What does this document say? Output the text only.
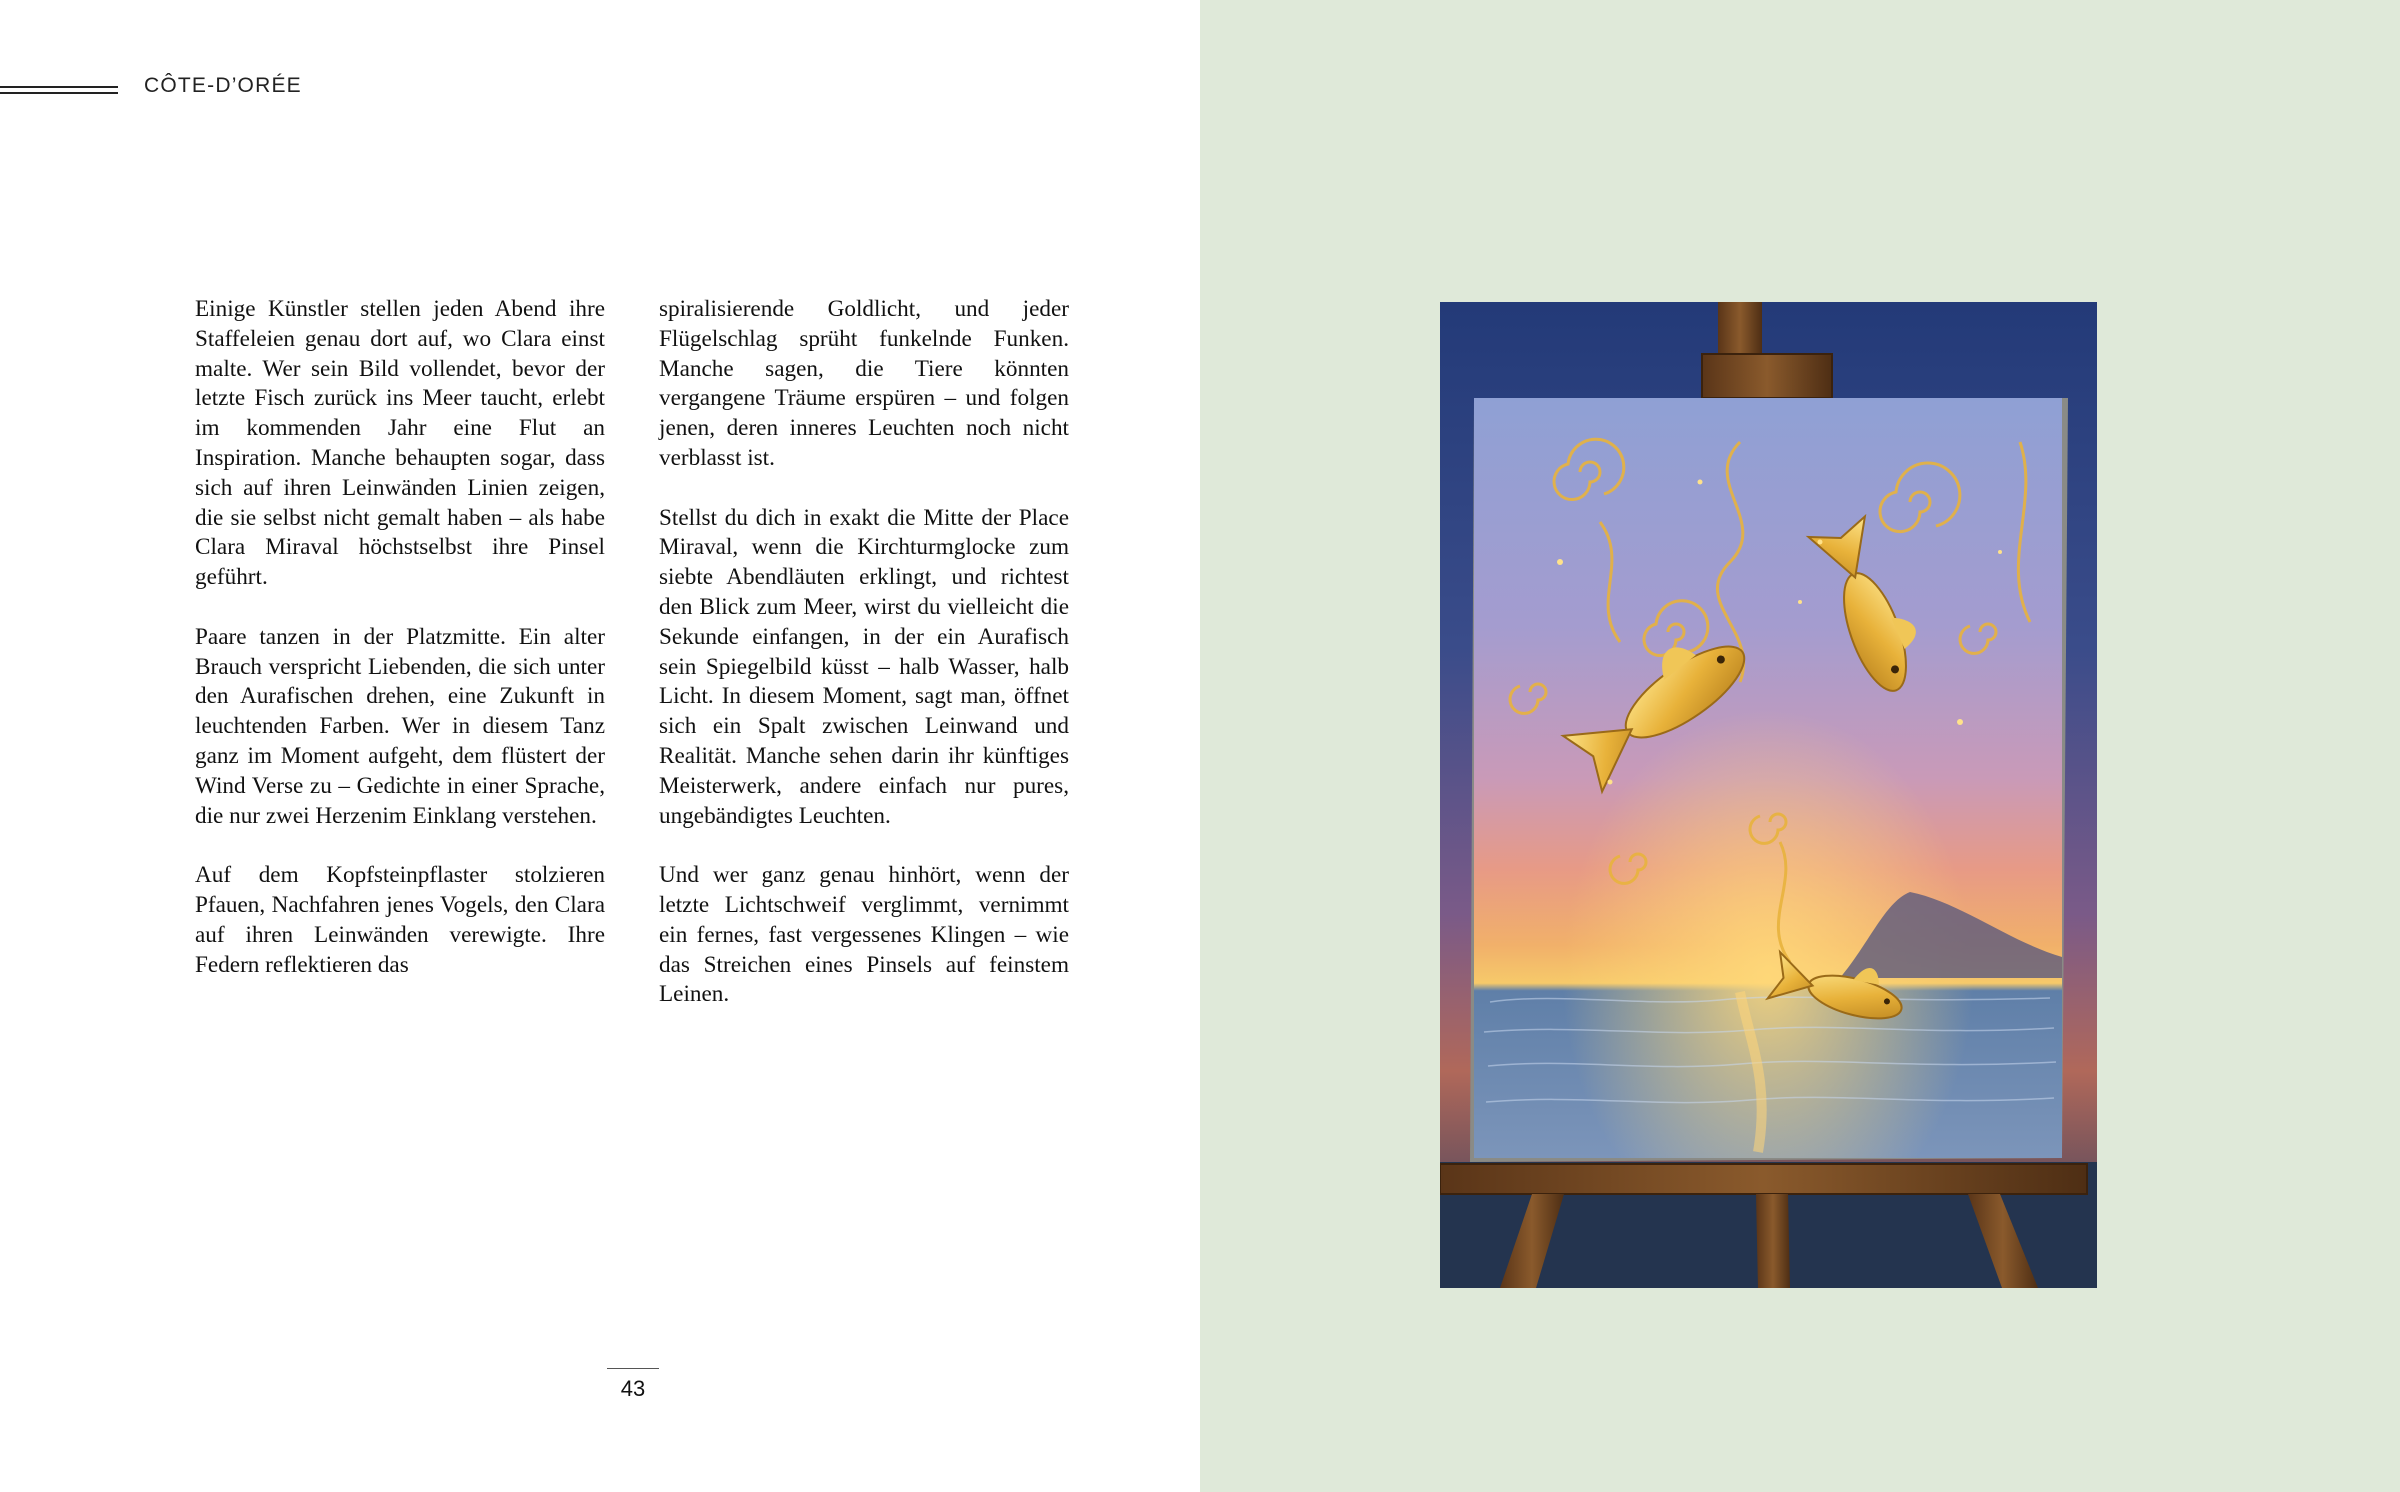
CÔTE-D’ORÉE

Einige Künstler stellen jeden Abend ihre Staffeleien genau dort auf, wo Clara einst malte. Wer sein Bild vollendet, bevor der letzte Fisch zurück ins Meer taucht, erlebt im kommenden Jahr eine Flut an Inspiration. Manche behaupten sogar, dass sich auf ihren Leinwänden Linien zeigen, die sie selbst nicht gemalt haben – als habe Clara Miraval höchstselbst ihre Pinsel geführt.

Paare tanzen in der Platzmitte. Ein alter Brauch verspricht Liebenden, die sich unter den Aurafischen drehen, eine Zukunft in leuchtenden Farben. Wer in diesem Tanz ganz im Moment aufgeht, dem flüstert der Wind Verse zu – Gedichte in einer Sprache, die nur zwei Herzenim Einklang verstehen.

Auf dem Kopfsteinpflaster stolzieren Pfauen, Nachfahren jenes Vogels, den Clara auf ihren Leinwänden verewigte. Ihre Federn reflektieren das

spiralisierende Goldlicht, und jeder Flügelschlag sprüht funkelnde Funken. Manche sagen, die Tiere könnten vergangene Träume erspüren – und folgen jenen, deren inneres Leuchten noch nicht verblasst ist.

Stellst du dich in exakt die Mitte der Place Miraval, wenn die Kirchturmglocke zum siebte Abendläuten erklingt, und richtest den Blick zum Meer, wirst du vielleicht die Sekunde einfangen, in der ein Aurafisch sein Spiegelbild küsst – halb Wasser, halb Licht. In diesem Moment, sagt man, öffnet sich ein Spalt zwischen Leinwand und Realität. Manche sehen darin ihr künftiges Meisterwerk, andere einfach nur pures, ungebändigtes Leuchten.

Und wer ganz genau hinhört, wenn der letzte Lichtschweif verglimmt, vernimmt ein fernes, fast vergessenes Klingen – wie das Streichen eines Pinsels auf feinstem Leinen.

43
